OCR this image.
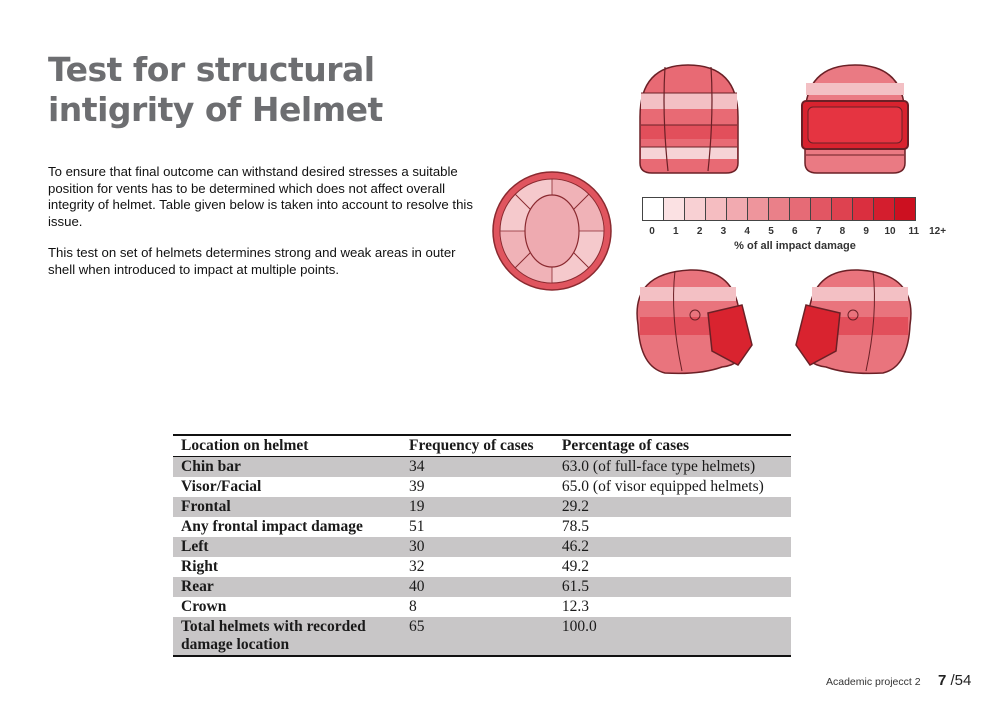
Test for structural intigrity of Helmet

To ensure that final outcome can withstand desired stresses a suitable position for vents has to be determined which does not affect overall integrity of helmet. Table given below is taken into account to resolve this issue.

This test on set of helmets determines strong and weak areas in outer shell when introduced to impact at multiple points.

0	1	2	3	4	5	6	7	8	9	10	11	12+
% of all impact damage
Location on helmet	Frequency of cases	Percentage of cases
Chin bar	34	63.0 (of full-face type helmets)
Visor/Facial	39	65.0 (of visor equipped helmets)
Frontal	19	29.2
Any frontal impact damage	51	78.5
Left	30	46.2
Right	32	49.2
Rear	40	61.5
Crown	8	12.3
Total helmets with recorded damage location	65	100.0
Academic projecct 2 7 /54
